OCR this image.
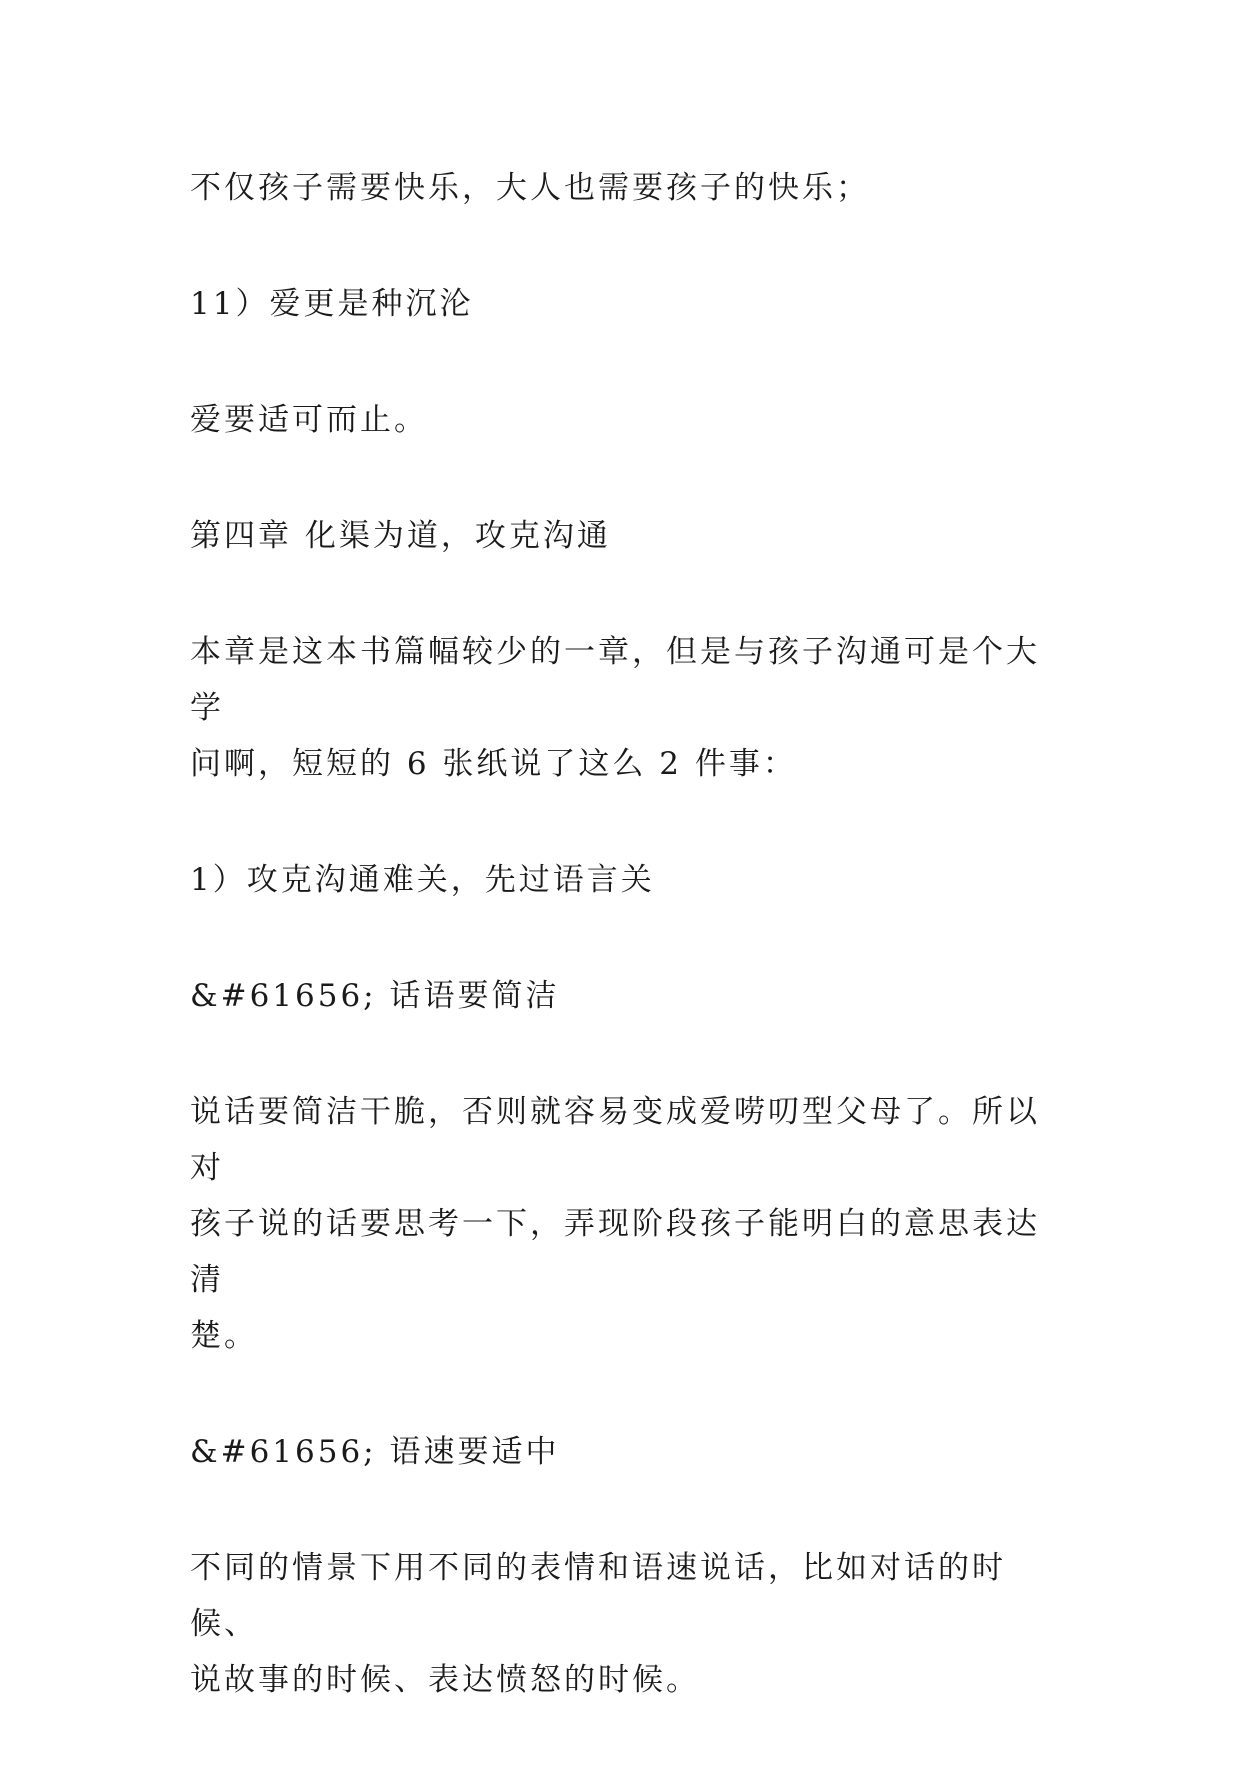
不仅孩子需要快乐，大人也需要孩子的快乐；

11）爱更是种沉沦

爱要适可而止。

第四章 化渠为道，攻克沟通

本章是这本书篇幅较少的一章，但是与孩子沟通可是个大学
问啊，短短的 6 张纸说了这么 2 件事：

1）攻克沟通难关，先过语言关

&#61656; 话语要简洁

说话要简洁干脆，否则就容易变成爱唠叨型父母了。所以对
孩子说的话要思考一下，弄现阶段孩子能明白的意思表达清
楚。

&#61656; 语速要适中

不同的情景下用不同的表情和语速说话，比如对话的时候、
说故事的时候、表达愤怒的时候。
